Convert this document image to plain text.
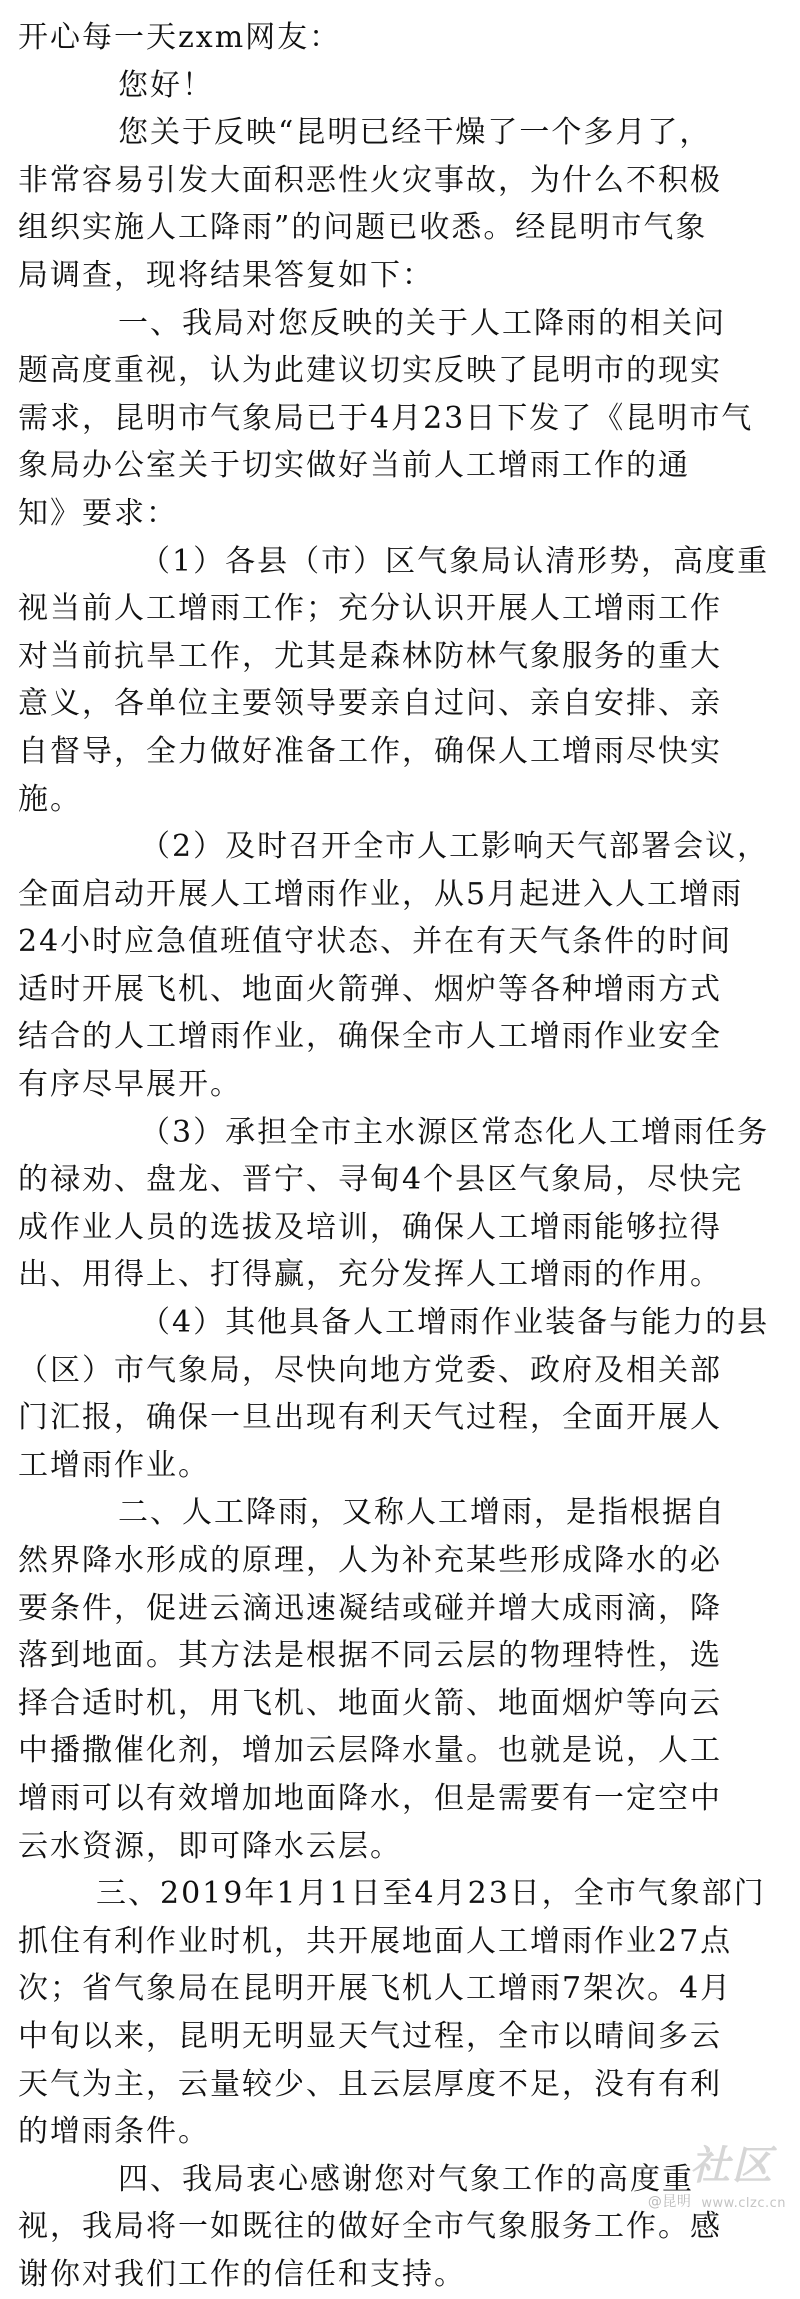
开心每一天zxm网友：
您好！
您关于反映“昆明已经干燥了一个多月了，
非常容易引发大面积恶性火灾事故，为什么不积极
组织实施人工降雨”的问题已收悉。经昆明市气象
局调查，现将结果答复如下：
一、我局对您反映的关于人工降雨的相关问
题高度重视，认为此建议切实反映了昆明市的现实
需求，昆明市气象局已于4月23日下发了《昆明市气
象局办公室关于切实做好当前人工增雨工作的通
知》要求：
（1）各县（市）区气象局认清形势，高度重
视当前人工增雨工作；充分认识开展人工增雨工作
对当前抗旱工作，尤其是森林防林气象服务的重大
意义，各单位主要领导要亲自过问、亲自安排、亲
自督导，全力做好准备工作，确保人工增雨尽快实
施。
（2）及时召开全市人工影响天气部署会议，
全面启动开展人工增雨作业，从5月起进入人工增雨
24小时应急值班值守状态、并在有天气条件的时间
适时开展飞机、地面火箭弹、烟炉等各种增雨方式
结合的人工增雨作业，确保全市人工增雨作业安全
有序尽早展开。
（3）承担全市主水源区常态化人工增雨任务
的禄劝、盘龙、晋宁、寻甸4个县区气象局，尽快完
成作业人员的选拔及培训，确保人工增雨能够拉得
出、用得上、打得赢，充分发挥人工增雨的作用。
（4）其他具备人工增雨作业装备与能力的县
（区）市气象局，尽快向地方党委、政府及相关部
门汇报，确保一旦出现有利天气过程，全面开展人
工增雨作业。
二、人工降雨，又称人工增雨，是指根据自
然界降水形成的原理，人为补充某些形成降水的必
要条件，促进云滴迅速凝结或碰并增大成雨滴，降
落到地面。其方法是根据不同云层的物理特性，选
择合适时机，用飞机、地面火箭、地面烟炉等向云
中播撒催化剂，增加云层降水量。也就是说，人工
增雨可以有效增加地面降水，但是需要有一定空中
云水资源，即可降水云层。
三、2019年1月1日至4月23日，全市气象部门
抓住有利作业时机，共开展地面人工增雨作业27点
次；省气象局在昆明开展飞机人工增雨7架次。4月
中旬以来，昆明无明显天气过程，全市以晴间多云
天气为主，云量较少、且云层厚度不足，没有有利
的增雨条件。
四、我局衷心感谢您对气象工作的高度重
视，我局将一如既往的做好全市气象服务工作。感
谢你对我们工作的信任和支持。
社区
@昆明 www.clzc.cn
